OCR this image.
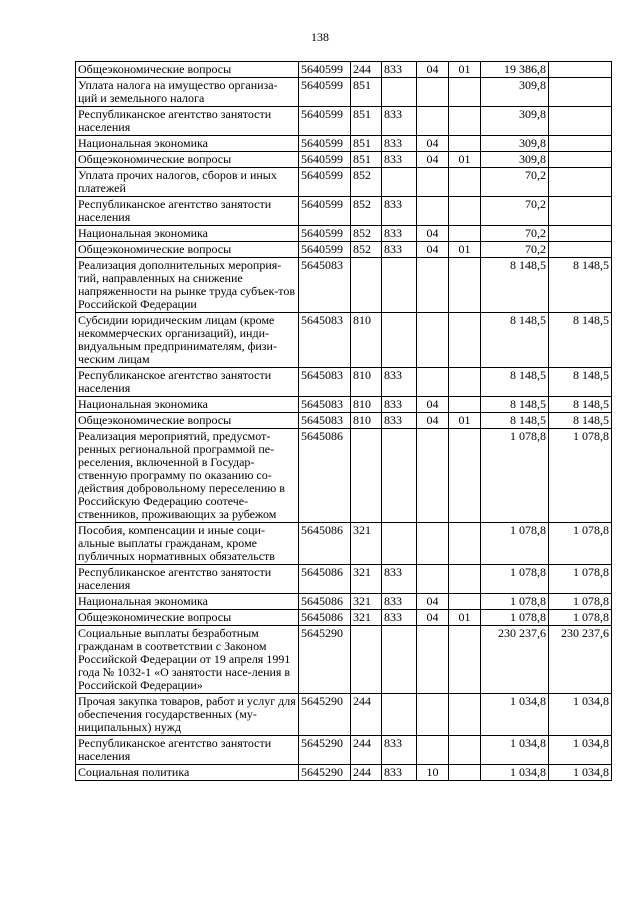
138
Общеэкономические вопросы	5640599	244	833	04	01	19 386,8	
Уплата налога на имущество организа-ций и земельного налога	5640599	851				309,8	
Республиканское агентство занятости населения	5640599	851	833			309,8	
Национальная экономика	5640599	851	833	04		309,8	
Общеэкономические вопросы	5640599	851	833	04	01	309,8	
Уплата прочих налогов, сборов и иных платежей	5640599	852				70,2	
Республиканское агентство занятости населения	5640599	852	833			70,2	
Национальная экономика	5640599	852	833	04		70,2	
Общеэкономические вопросы	5640599	852	833	04	01	70,2	
Реализация дополнительных мероприя-тий, направленных на снижение напряженности на рынке труда субъек-тов Российской Федерации	5645083					8 148,5	8 148,5
Субсидии юридическим лицам (кроме некоммерческих организаций), инди-видуальным предпринимателям, физи-ческим лицам	5645083	810				8 148,5	8 148,5
Республиканское агентство занятости населения	5645083	810	833			8 148,5	8 148,5
Национальная экономика	5645083	810	833	04		8 148,5	8 148,5
Общеэкономические вопросы	5645083	810	833	04	01	8 148,5	8 148,5
Реализация мероприятий, предусмот-ренных региональной программой пе-реселения, включенной в Государ-ственную программу по оказанию со-действия добровольному переселению в Российскую Федерацию соотече-ственников, проживающих за рубежом	5645086					1 078,8	1 078,8
Пособия, компенсации и иные соци-альные выплаты гражданам, кроме публичных нормативных обязательств	5645086	321				1 078,8	1 078,8
Республиканское агентство занятости населения	5645086	321	833			1 078,8	1 078,8
Национальная экономика	5645086	321	833	04		1 078,8	1 078,8
Общеэкономические вопросы	5645086	321	833	04	01	1 078,8	1 078,8
Социальные выплаты безработным гражданам в соответствии с Законом Российской Федерации от 19 апреля 1991 года № 1032-1 «О занятости насе-ления в Российской Федерации»	5645290					230 237,6	230 237,6
Прочая закупка товаров, работ и услуг для обеспечения государственных (му-ниципальных) нужд	5645290	244				1 034,8	1 034,8
Республиканское агентство занятости населения	5645290	244	833			1 034,8	1 034,8
Социальная политика	5645290	244	833	10		1 034,8	1 034,8
